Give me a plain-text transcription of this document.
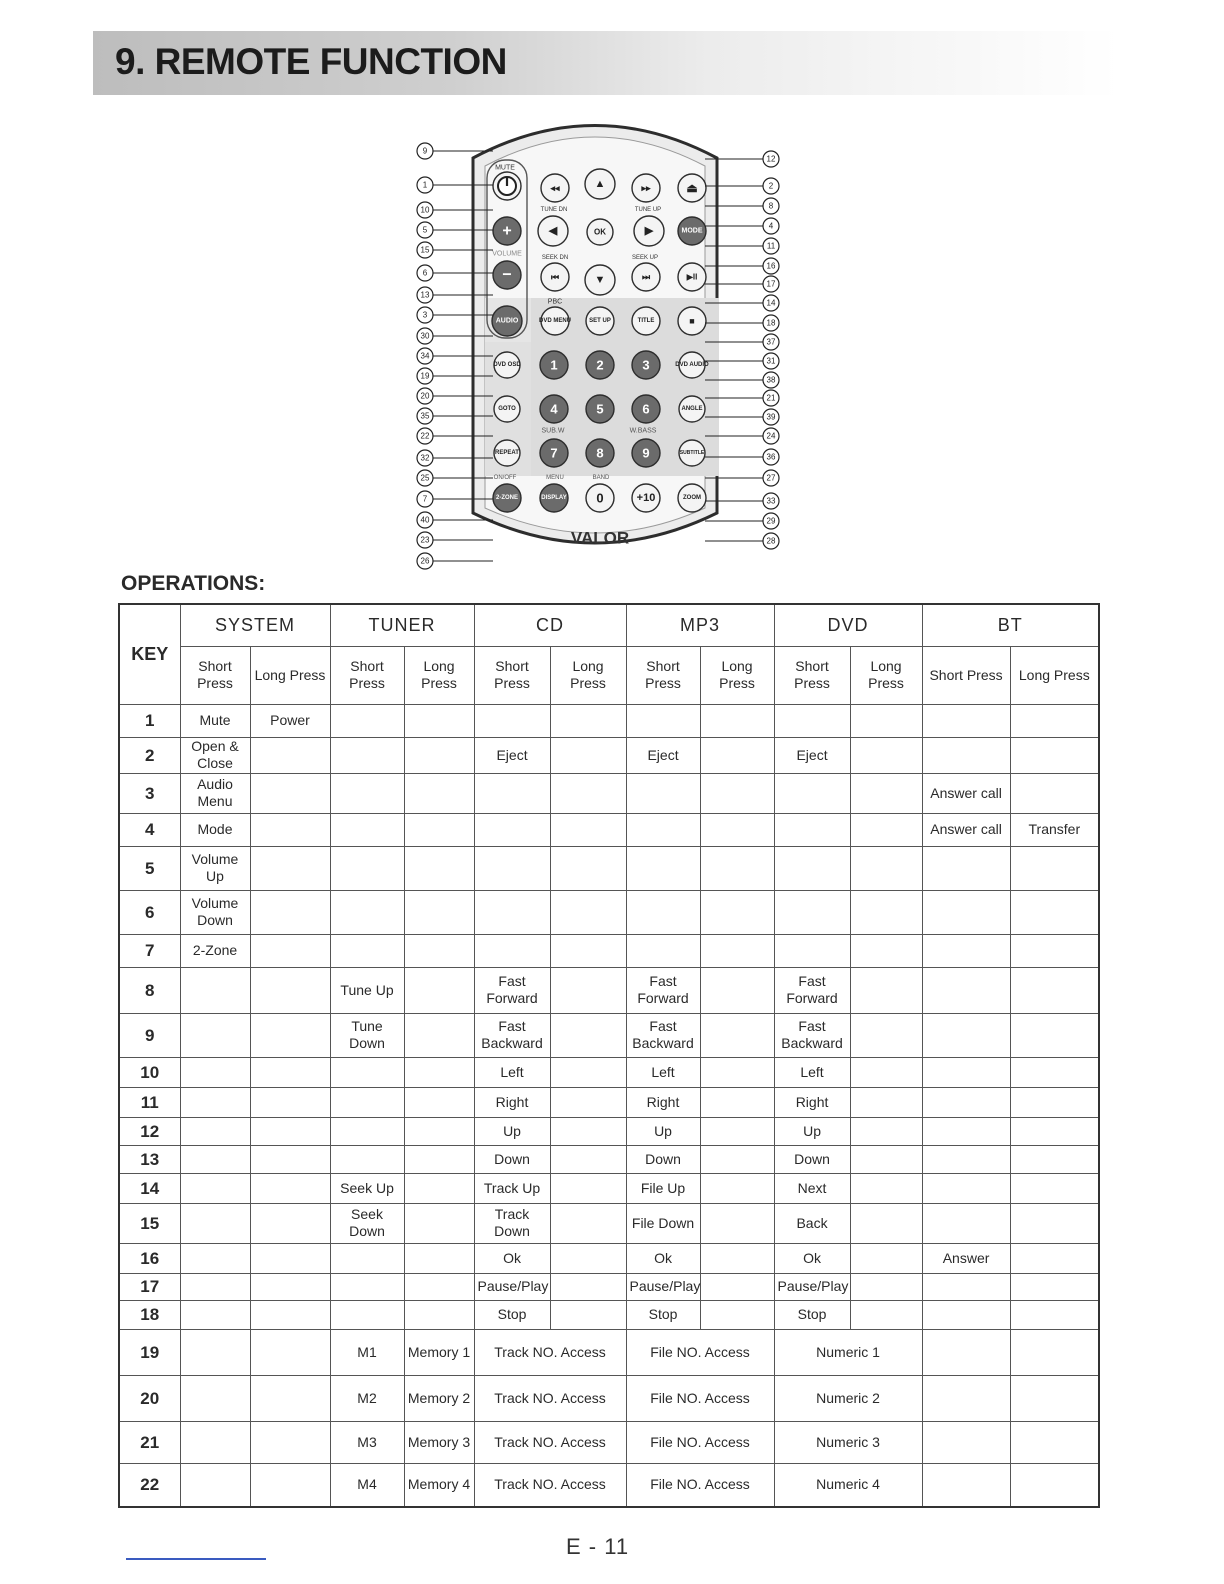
9. REMOTE FUNCTION
MUTE
◂◂	▲	▸▸	⏏
+	◀	OK	▶	MODE
VOLUME
TUNE DN	TUNE UP
−	⏮	▼	⏭	▶II
SEEK DN	SEEK UP
AUDIO	DVD MENU	SET UP	TITLE	■
PBC
DVD OSD 1	2	3	DVD AUDIO
GOTO	4	5	6	ANGLE
REPEAT 7	8	9	SUBTITLE
SUB.W	W.BASS
2-ZONE	DISPLAY 0	+10	ZOOM
ON/OFF	MENU	BAND
VALOR
9
1
10
5
15
6
13
3
30
34
19
20
35
22
32
25
7
40
23
26
12
2
8
4
11
16
17
14
18
37
31
38
21
39
24
36
27
33
29
28
OPERATIONS:
KEY	SYSTEM		TUNER		CD		MP3		DVD		BT	
	Short Press	Long Press	Short Press	Long Press	Short Press	Long Press	Short Press	Long Press	Short Press	Long Press	Short Press	Long Press
1	Mute	Power										
2	Open & Close				Eject		Eject		Eject			
3	Audio Menu										Answer call	
4	Mode										Answer call	Transfer
5	Volume Up											
6	Volume Down											
7	2-Zone											
8			Tune Up		Fast Forward		Fast Forward		Fast Forward			
9			Tune Down		Fast Backward		Fast Backward		Fast Backward			
10					Left		Left		Left			
11					Right		Right		Right			
12					Up		Up		Up			
13					Down		Down		Down			
14			Seek Up		Track Up		File Up		Next			
15			Seek Down		Track Down		File Down		Back			
16					Ok		Ok		Ok		Answer	
17					Pause/Play		Pause/Play		Pause/Play			
18					Stop		Stop		Stop			
19			M1	Memory 1	Track NO. Access		File NO. Access		Numeric 1			
20			M2	Memory 2	Track NO. Access		File NO. Access		Numeric 2			
21			M3	Memory 3	Track NO. Access		File NO. Access		Numeric 3			
22			M4	Memory 4	Track NO. Access		File NO. Access		Numeric 4			
E - 11
